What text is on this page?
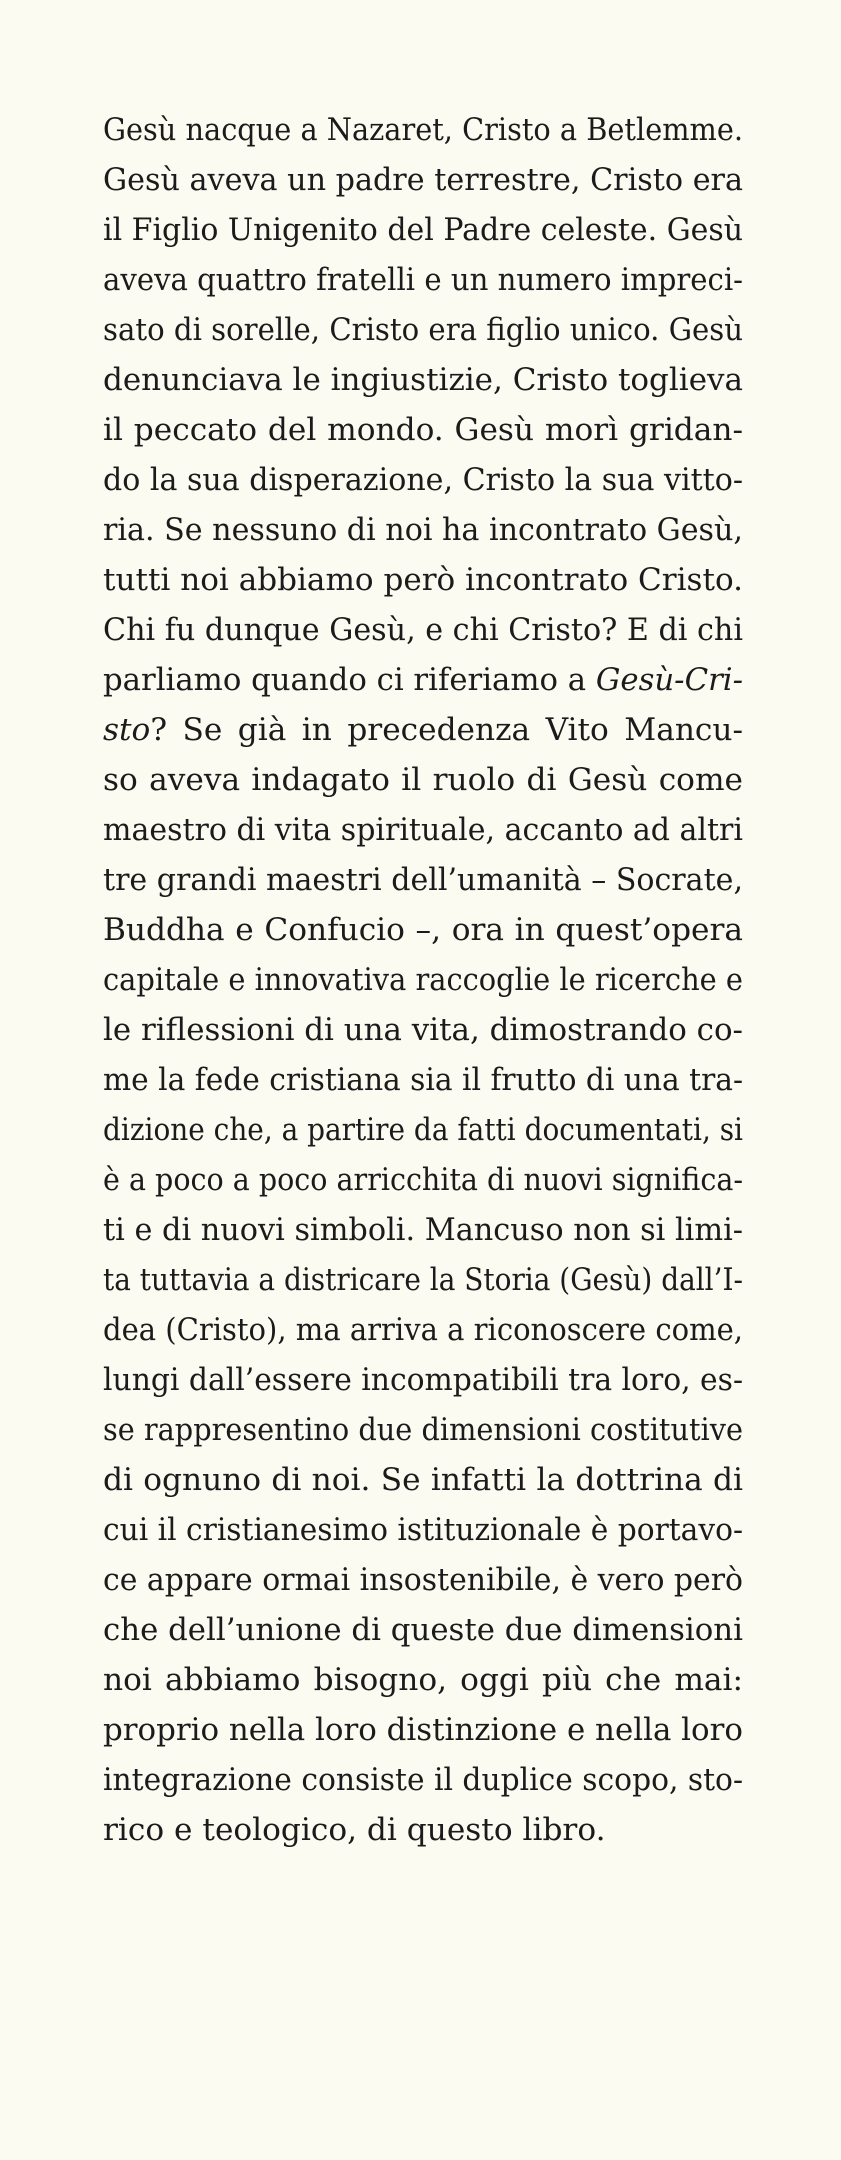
Gesù nacque a Nazaret, Cristo a Betlemme.
Gesù aveva un padre terrestre, Cristo era
il Figlio Unigenito del Padre celeste. Gesù
aveva quattro fratelli e un numero impreci-
sato di sorelle, Cristo era figlio unico. Gesù
denunciava le ingiustizie, Cristo toglieva
il peccato del mondo. Gesù morì gridan-
do la sua disperazione, Cristo la sua vitto-
ria. Se nessuno di noi ha incontrato Gesù,
tutti noi abbiamo però incontrato Cristo.
Chi fu dunque Gesù, e chi Cristo? E di chi
parliamo quando ci riferiamo a Gesù-Cri-
sto? Se già in precedenza Vito Mancu-
so aveva indagato il ruolo di Gesù come
maestro di vita spirituale, accanto ad altri
tre grandi maestri dell’umanità – Socrate,
Buddha e Confucio –, ora in quest’opera
capitale e innovativa raccoglie le ricerche e
le riflessioni di una vita, dimostrando co-
me la fede cristiana sia il frutto di una tra-
dizione che, a partire da fatti documentati, si
è a poco a poco arricchita di nuovi significa-
ti e di nuovi simboli. Mancuso non si limi-
ta tuttavia a districare la Storia (Gesù) dall’I-
dea (Cristo), ma arriva a riconoscere come,
lungi dall’essere incompatibili tra loro, es-
se rappresentino due dimensioni costitutive
di ognuno di noi. Se infatti la dottrina di
cui il cristianesimo istituzionale è portavo-
ce appare ormai insostenibile, è vero però
che dell’unione di queste due dimensioni
noi abbiamo bisogno, oggi più che mai:
proprio nella loro distinzione e nella loro
integrazione consiste il duplice scopo, sto-
rico e teologico, di questo libro.
